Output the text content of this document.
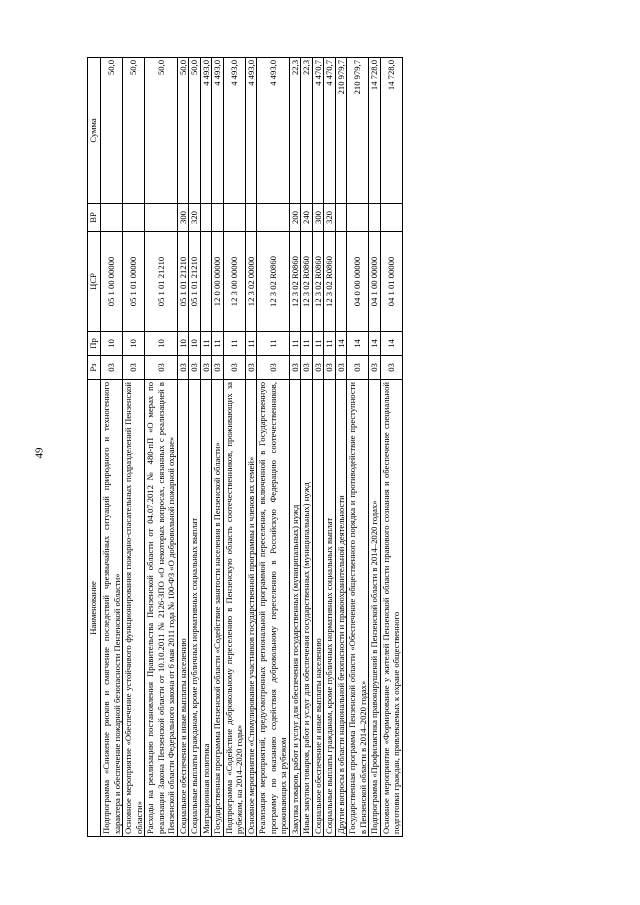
49
Наименование	Рз	Пр	ЦСР	ВР	Сумма
Подпрограмма «Снижение рисков и смягчение последствий чрезвычайных ситуаций природного и техногенного характера и обеспечение пожарной безопасности Пензенской области»	03	10	05 1 00 00000		50,0
Основное мероприятие «Обеспечение устойчивого функционирования пожарно-спасательных подразделений Пензенской области»	03	10	05 1 01 00000		50,0
Расходы на реализацию постановления Правительства Пензенской области от 04.07.2012 № 480-пП «О мерах по реализации Закона Пензенской области от 10.10.2011 № 2126-ЗПО «О некоторых вопросах, связанных с реализацией в Пензенской области Федерального закона от 6 мая 2011 года № 100-ФЗ «О добровольной пожарной охране»	03	10	05 1 01 21210		50,0
Социальное обеспечение и иные выплаты населению	03	10	05 1 01 21210	300	50,0
Социальные выплаты гражданам, кроме публичных нормативных социальных выплат	03	10	05 1 01 21210	320	50,0
Миграционная политика	03	11			4 493,0
Государственная программа Пензенской области «Содействие занятости населения в Пензенской области»	03	11	12 0 00 00000		4 493,0
Подпрограмма «Содействие добровольному переселению в Пензенскую область соотечественников, проживающих за рубежом, на 2014–2020 годы»	03	11	12 3 00 00000		4 493,0
Основное мероприятие «Стимулирование участников государственной программы и членов их семей»	03	11	12 3 02 00000		4 493,0
Реализация мероприятий, предусмотренных региональной программой переселения, включенной в Государственную программу по оказанию содействия добровольному переселению в Российскую Федерацию соотечественников, проживающих за рубежом	03	11	12 3 02 R0860		4 493,0
Закупка товаров, работ и услуг для обеспечения государственных (муниципальных) нужд	03	11	12 3 02 R0860	200	22,3
Иные закупки товаров, работ и услуг для обеспечения государственных (муниципальных) нужд	03	11	12 3 02 R0860	240	22,3
Социальное обеспечение и иные выплаты населению	03	11	12 3 02 R0860	300	4 470,7
Социальные выплаты гражданам, кроме публичных нормативных социальных выплат	03	11	12 3 02 R0860	320	4 470,7
Другие вопросы в области национальной безопасности и правоохранительной деятельности	03	14			210 979,7
Государственная программа Пензенской области «Обеспечение общественного порядка и противодействие преступности в Пензенской области в 2014–2020 годах»	03	14	04 0 00 00000		210 979,7
Подпрограмма «Профилактика правонарушений в Пензенской области в 2014–2020 годах»	03	14	04 1 00 00000		14 728,0
Основное мероприятие «Формирование у жителей Пензенской области правового сознания и обеспечение специальной подготовки граждан, привлекаемых к охране общественного	03	14	04 1 01 00000		14 728,0
